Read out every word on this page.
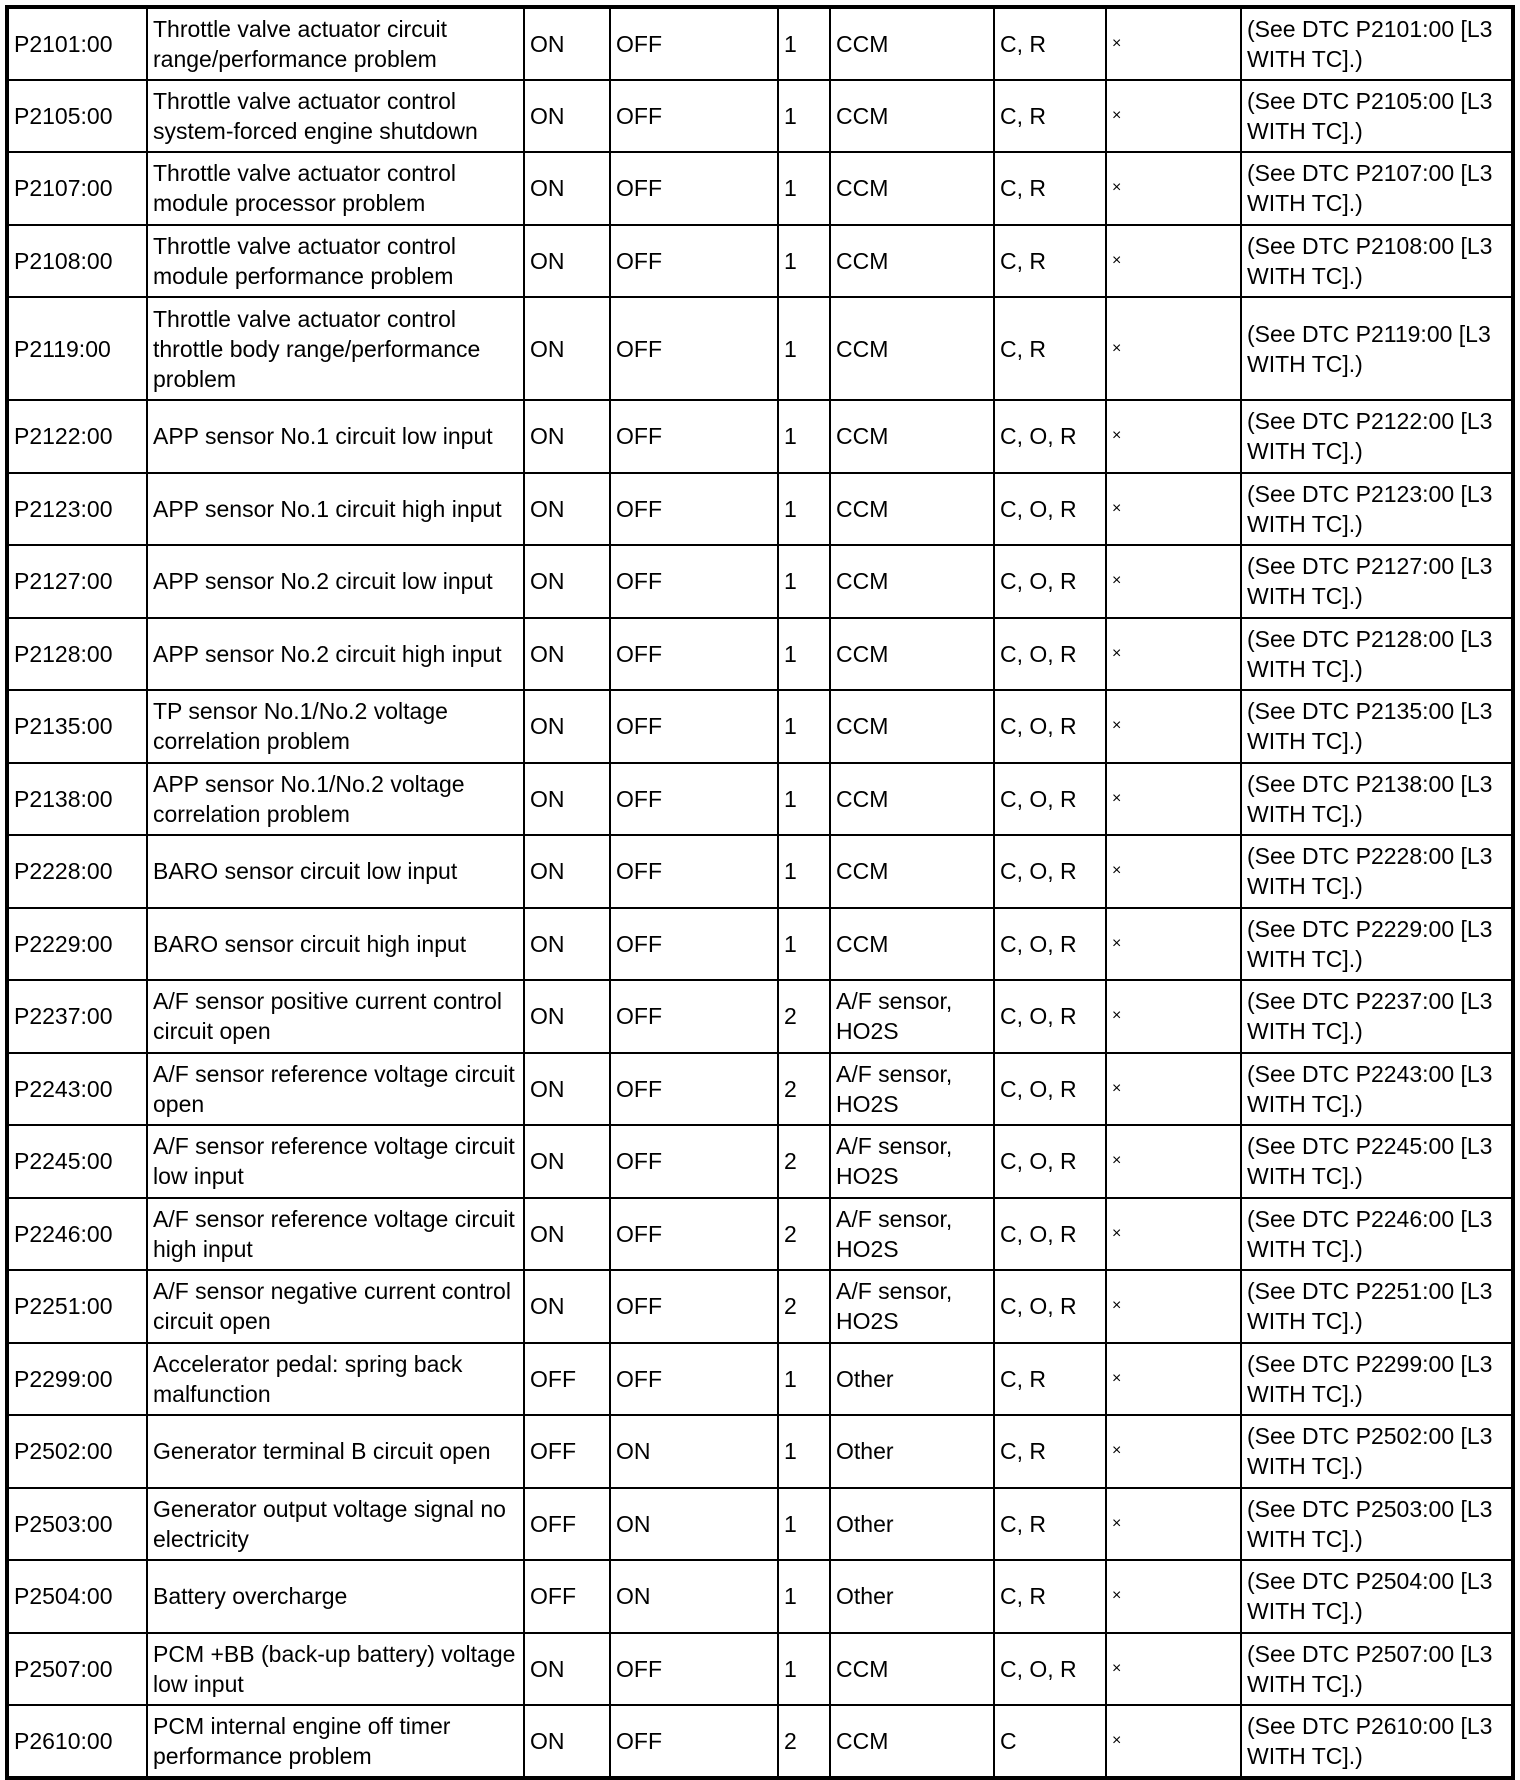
P2101:00	Throttle valve actuator circuit range/performance problem	ON	OFF	1	CCM	C, R	×	(See DTC P2101:00 [L3 WITH TC].)
P2105:00	Throttle valve actuator control system-forced engine shutdown	ON	OFF	1	CCM	C, R	×	(See DTC P2105:00 [L3 WITH TC].)
P2107:00	Throttle valve actuator control module processor problem	ON	OFF	1	CCM	C, R	×	(See DTC P2107:00 [L3 WITH TC].)
P2108:00	Throttle valve actuator control module performance problem	ON	OFF	1	CCM	C, R	×	(See DTC P2108:00 [L3 WITH TC].)
P2119:00	Throttle valve actuator control throttle body range/performance problem	ON	OFF	1	CCM	C, R	×	(See DTC P2119:00 [L3 WITH TC].)
P2122:00	APP sensor No.1 circuit low input	ON	OFF	1	CCM	C, O, R	×	(See DTC P2122:00 [L3 WITH TC].)
P2123:00	APP sensor No.1 circuit high input	ON	OFF	1	CCM	C, O, R	×	(See DTC P2123:00 [L3 WITH TC].)
P2127:00	APP sensor No.2 circuit low input	ON	OFF	1	CCM	C, O, R	×	(See DTC P2127:00 [L3 WITH TC].)
P2128:00	APP sensor No.2 circuit high input	ON	OFF	1	CCM	C, O, R	×	(See DTC P2128:00 [L3 WITH TC].)
P2135:00	TP sensor No.1/No.2 voltage correlation problem	ON	OFF	1	CCM	C, O, R	×	(See DTC P2135:00 [L3 WITH TC].)
P2138:00	APP sensor No.1/No.2 voltage correlation problem	ON	OFF	1	CCM	C, O, R	×	(See DTC P2138:00 [L3 WITH TC].)
P2228:00	BARO sensor circuit low input	ON	OFF	1	CCM	C, O, R	×	(See DTC P2228:00 [L3 WITH TC].)
P2229:00	BARO sensor circuit high input	ON	OFF	1	CCM	C, O, R	×	(See DTC P2229:00 [L3 WITH TC].)
P2237:00	A/F sensor positive current control circuit open	ON	OFF	2	A/F sensor, HO2S	C, O, R	×	(See DTC P2237:00 [L3 WITH TC].)
P2243:00	A/F sensor reference voltage circuit open	ON	OFF	2	A/F sensor, HO2S	C, O, R	×	(See DTC P2243:00 [L3 WITH TC].)
P2245:00	A/F sensor reference voltage circuit low input	ON	OFF	2	A/F sensor, HO2S	C, O, R	×	(See DTC P2245:00 [L3 WITH TC].)
P2246:00	A/F sensor reference voltage circuit high input	ON	OFF	2	A/F sensor, HO2S	C, O, R	×	(See DTC P2246:00 [L3 WITH TC].)
P2251:00	A/F sensor negative current control circuit open	ON	OFF	2	A/F sensor, HO2S	C, O, R	×	(See DTC P2251:00 [L3 WITH TC].)
P2299:00	Accelerator pedal: spring back malfunction	OFF	OFF	1	Other	C, R	×	(See DTC P2299:00 [L3 WITH TC].)
P2502:00	Generator terminal B circuit open	OFF	ON	1	Other	C, R	×	(See DTC P2502:00 [L3 WITH TC].)
P2503:00	Generator output voltage signal no electricity	OFF	ON	1	Other	C, R	×	(See DTC P2503:00 [L3 WITH TC].)
P2504:00	Battery overcharge	OFF	ON	1	Other	C, R	×	(See DTC P2504:00 [L3 WITH TC].)
P2507:00	PCM +BB (back-up battery) voltage low input	ON	OFF	1	CCM	C, O, R	×	(See DTC P2507:00 [L3 WITH TC].)
P2610:00	PCM internal engine off timer performance problem	ON	OFF	2	CCM	C	×	(See DTC P2610:00 [L3 WITH TC].)
